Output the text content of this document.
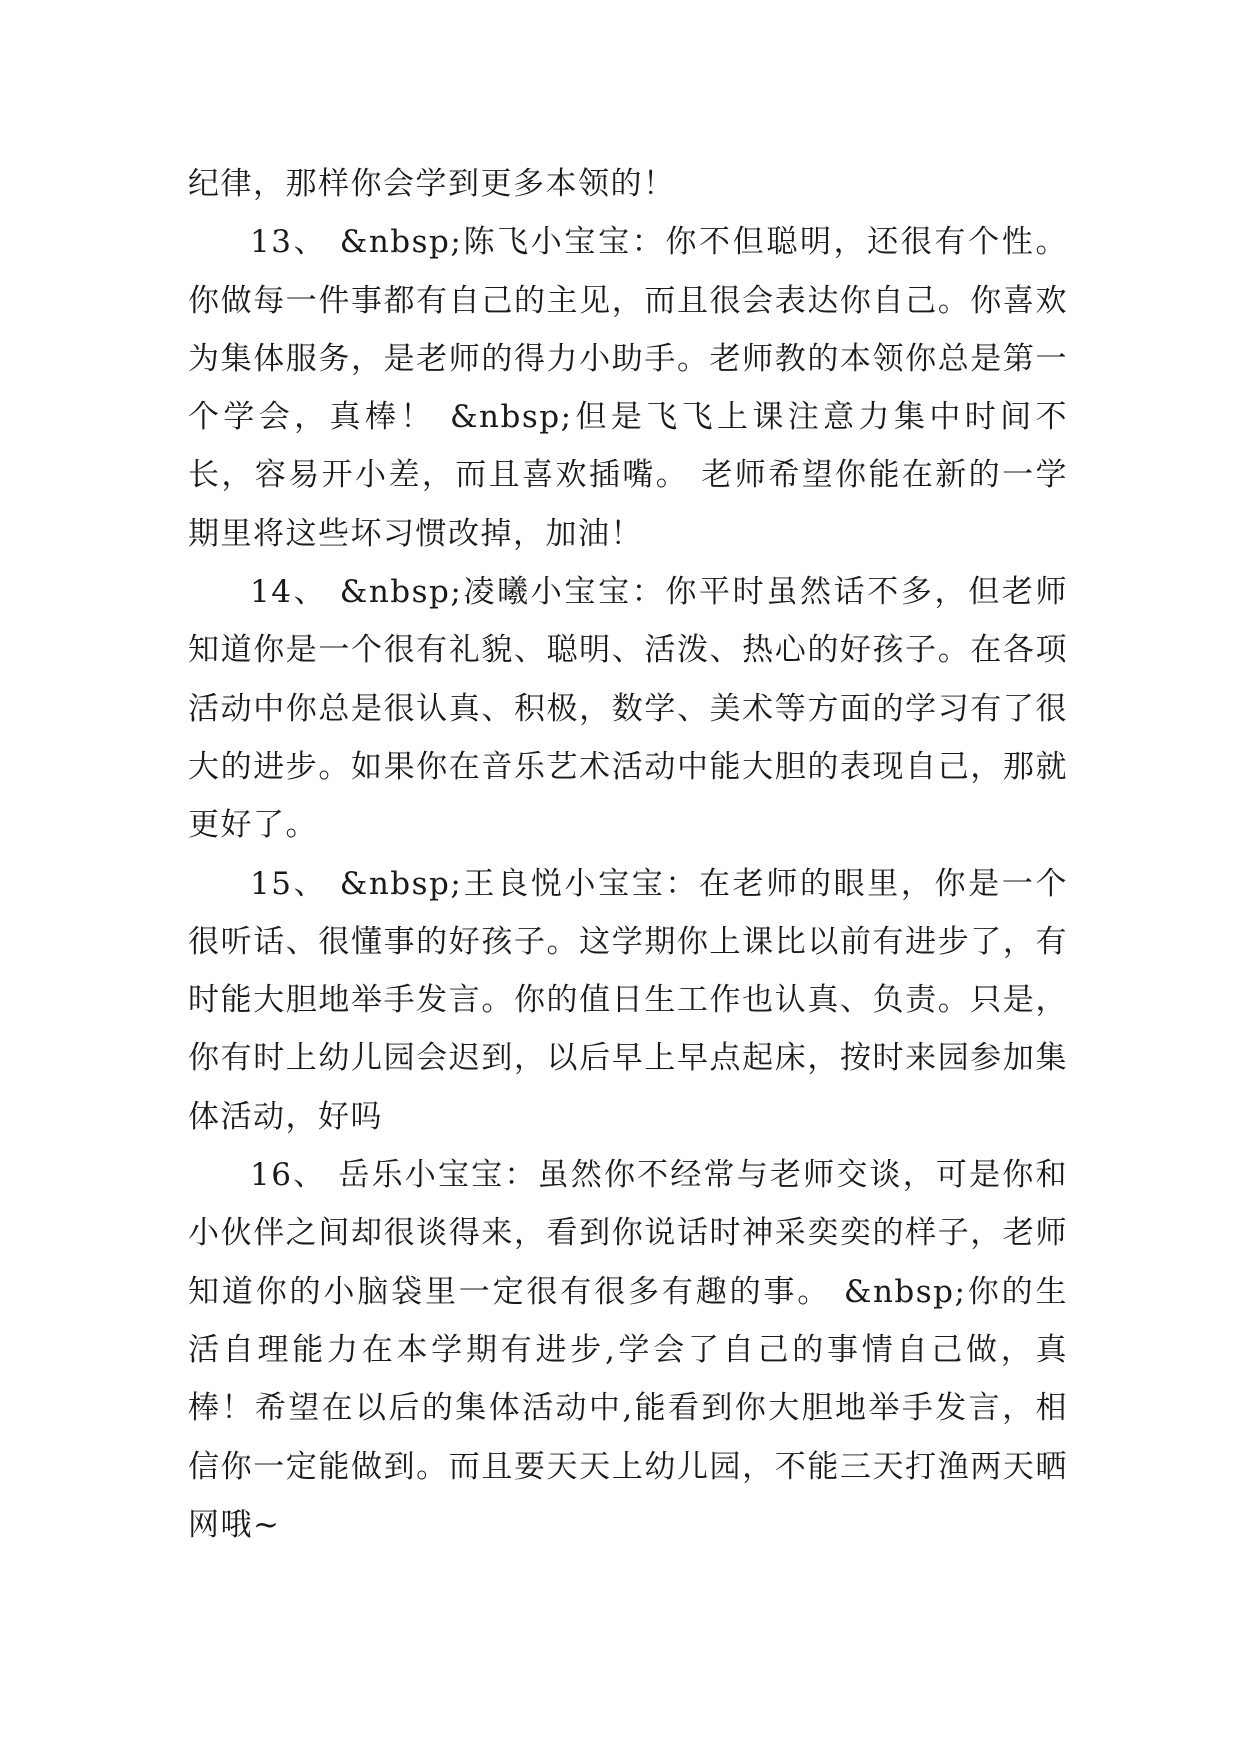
纪律，那样你会学到更多本领的！

13、 &nbsp;陈飞小宝宝：你不但聪明，还很有个性。你做每一件事都有自己的主见，而且很会表达你自己。你喜欢为集体服务，是老师的得力小助手。老师教的本领你总是第一个学会，真棒！ &nbsp;但是飞飞上课注意力集中时间不长，容易开小差，而且喜欢插嘴。 老师希望你能在新的一学期里将这些坏习惯改掉，加油！

14、 &nbsp;凌曦小宝宝：你平时虽然话不多，但老师知道你是一个很有礼貌、聪明、活泼、热心的好孩子。在各项活动中你总是很认真、积极，数学、美术等方面的学习有了很大的进步。如果你在音乐艺术活动中能大胆的表现自己，那就更好了。

15、 &nbsp;王良悦小宝宝：在老师的眼里，你是一个很听话、很懂事的好孩子。这学期你上课比以前有进步了，有时能大胆地举手发言。你的值日生工作也认真、负责。只是，你有时上幼儿园会迟到，以后早上早点起床，按时来园参加集体活动，好吗

16、 岳乐小宝宝：虽然你不经常与老师交谈，可是你和小伙伴之间却很谈得来，看到你说话时神采奕奕的样子，老师知道你的小脑袋里一定很有很多有趣的事。 &nbsp;你的生活自理能力在本学期有进步,学会了自己的事情自己做，真棒！希望在以后的集体活动中,能看到你大胆地举手发言，相信你一定能做到。而且要天天上幼儿园，不能三天打渔两天晒网哦~
